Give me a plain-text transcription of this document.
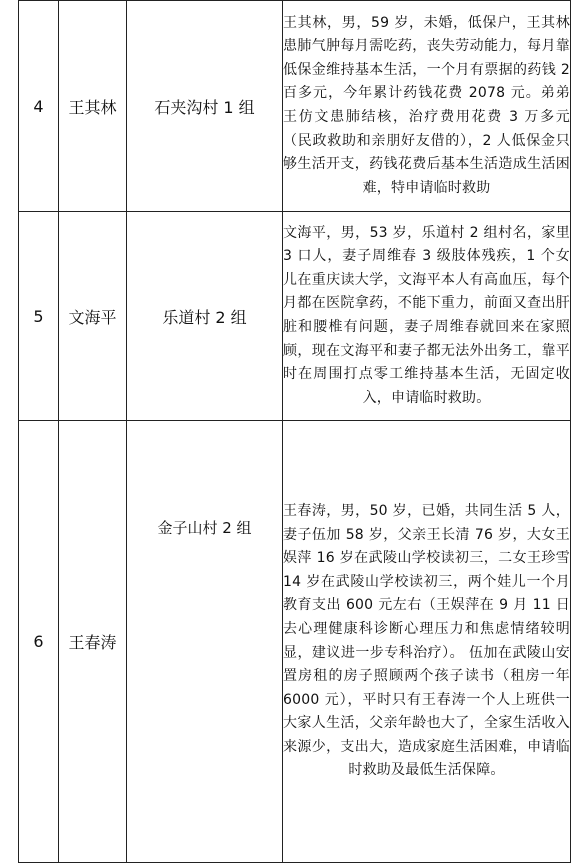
4	王其林	石夹沟村 1 组	王其林，男，59 岁，未婚，低保户，王其林患肺气肿每月需吃药，丧失劳动能力，每月靠低保金维持基本生活，一个月有票据的药钱 2 百多元，今年累计药钱花费 2078 元。弟弟王仿文患肺结核，治疗费用花费 3 万多元（民政救助和亲朋好友借的），2 人低保金只够生活开支，药钱花费后基本生活造成生活困难，特申请临时救助
5	文海平	乐道村 2 组	文海平，男，53 岁，乐道村 2 组村名，家里 3 口人，妻子周维春 3 级肢体残疾，1 个女儿在重庆读大学，文海平本人有高血压，每个月都在医院拿药，不能下重力，前面又查出肝脏和腰椎有问题，妻子周维春就回来在家照顾，现在文海平和妻子都无法外出务工，靠平时在周围打点零工维持基本生活，无固定收入，申请临时救助。
6	王春涛	金子山村 2 组	王春涛，男，50 岁，已婚，共同生活 5 人，妻子伍加 58 岁，父亲王长清 76 岁，大女王娱萍 16 岁在武陵山学校读初三，二女王珍雪 14 岁在武陵山学校读初三，两个娃儿一个月教育支出 600 元左右（王娱萍在 9 月 11 日去心理健康科诊断心理压力和焦虑情绪较明显，建议进一步专科治疗）。 伍加在武陵山安置房租的房子照顾两个孩子读书（租房一年 6000 元），平时只有王春涛一个人上班供一大家人生活，父亲年龄也大了，全家生活收入来源少，支出大，造成家庭生活困难，申请临时救助及最低生活保障。
